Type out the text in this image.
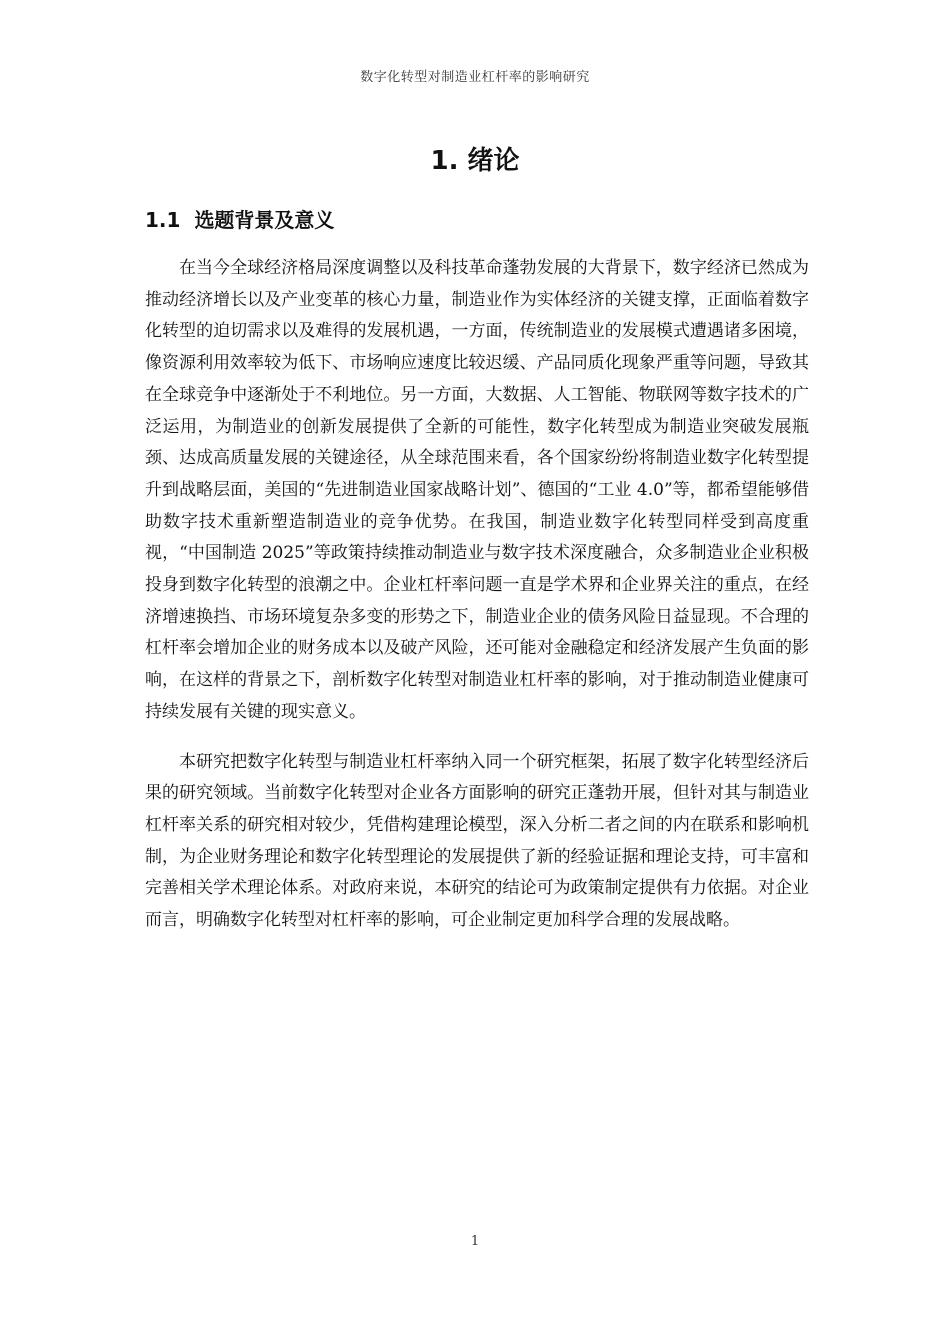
数字化转型对制造业杠杆率的影响研究
1. 绪论
1.1 选题背景及意义

在当今全球经济格局深度调整以及科技革命蓬勃发展的大背景下，数字经济已然成为推动经济增长以及产业变革的核心力量，制造业作为实体经济的关键支撑，正面临着数字化转型的迫切需求以及难得的发展机遇，一方面，传统制造业的发展模式遭遇诸多困境，像资源利用效率较为低下、市场响应速度比较迟缓、产品同质化现象严重等问题，导致其在全球竞争中逐渐处于不利地位。另一方面，大数据、人工智能、物联网等数字技术的广泛运用，为制造业的创新发展提供了全新的可能性，数字化转型成为制造业突破发展瓶颈、达成高质量发展的关键途径，从全球范围来看，各个国家纷纷将制造业数字化转型提升到战略层面，美国的“先进制造业国家战略计划”、德国的“工业 4.0”等，都希望能够借助数字技术重新塑造制造业的竞争优势。在我国，制造业数字化转型同样受到高度重视，“中国制造 2025”等政策持续推动制造业与数字技术深度融合，众多制造业企业积极投身到数字化转型的浪潮之中。企业杠杆率问题一直是学术界和企业界关注的重点，在经济增速换挡、市场环境复杂多变的形势之下，制造业企业的债务风险日益显现。不合理的杠杆率会增加企业的财务成本以及破产风险，还可能对金融稳定和经济发展产生负面的影响，在这样的背景之下，剖析数字化转型对制造业杠杆率的影响，对于推动制造业健康可持续发展有关键的现实意义。

本研究把数字化转型与制造业杠杆率纳入同一个研究框架，拓展了数字化转型经济后果的研究领域。当前数字化转型对企业各方面影响的研究正蓬勃开展，但针对其与制造业杠杆率关系的研究相对较少，凭借构建理论模型，深入分析二者之间的内在联系和影响机制，为企业财务理论和数字化转型理论的发展提供了新的经验证据和理论支持，可丰富和完善相关学术理论体系。对政府来说，本研究的结论可为政策制定提供有力依据。对企业而言，明确数字化转型对杠杆率的影响，可企业制定更加科学合理的发展战略。

1
